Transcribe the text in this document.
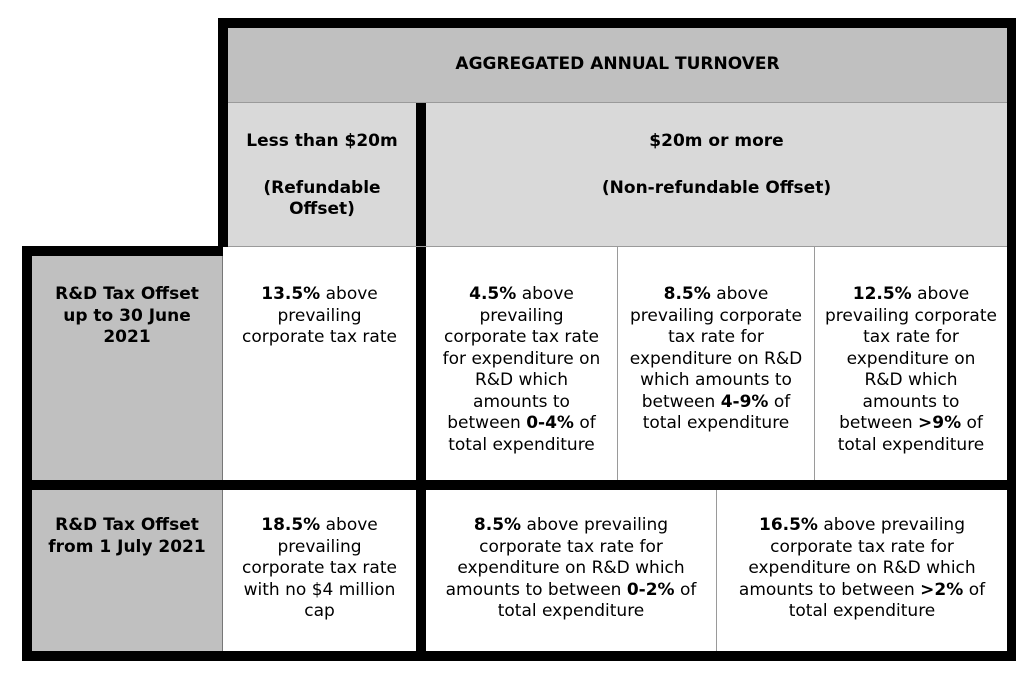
AGGREGATED ANNUAL TURNOVER
Less than $20m
(Refundable Offset)
$20m or more
(Non-refundable Offset)
R&D Tax Offset up to 30 June 2021
13.5% above prevailing corporate tax rate
4.5% above prevailing corporate tax rate for expenditure on R&D which amounts to between 0-4% of total expenditure
8.5% above prevailing corporate tax rate for expenditure on R&D which amounts to between 4-9% of total expenditure
12.5% above prevailing corporate tax rate for expenditure on R&D which amounts to between >9% of total expenditure
R&D Tax Offset from 1 July 2021
18.5% above prevailing corporate tax rate with no $4 million cap
8.5% above prevailing corporate tax rate for expenditure on R&D which amounts to between 0-2% of total expenditure
16.5% above prevailing corporate tax rate for expenditure on R&D which amounts to between >2% of total expenditure
